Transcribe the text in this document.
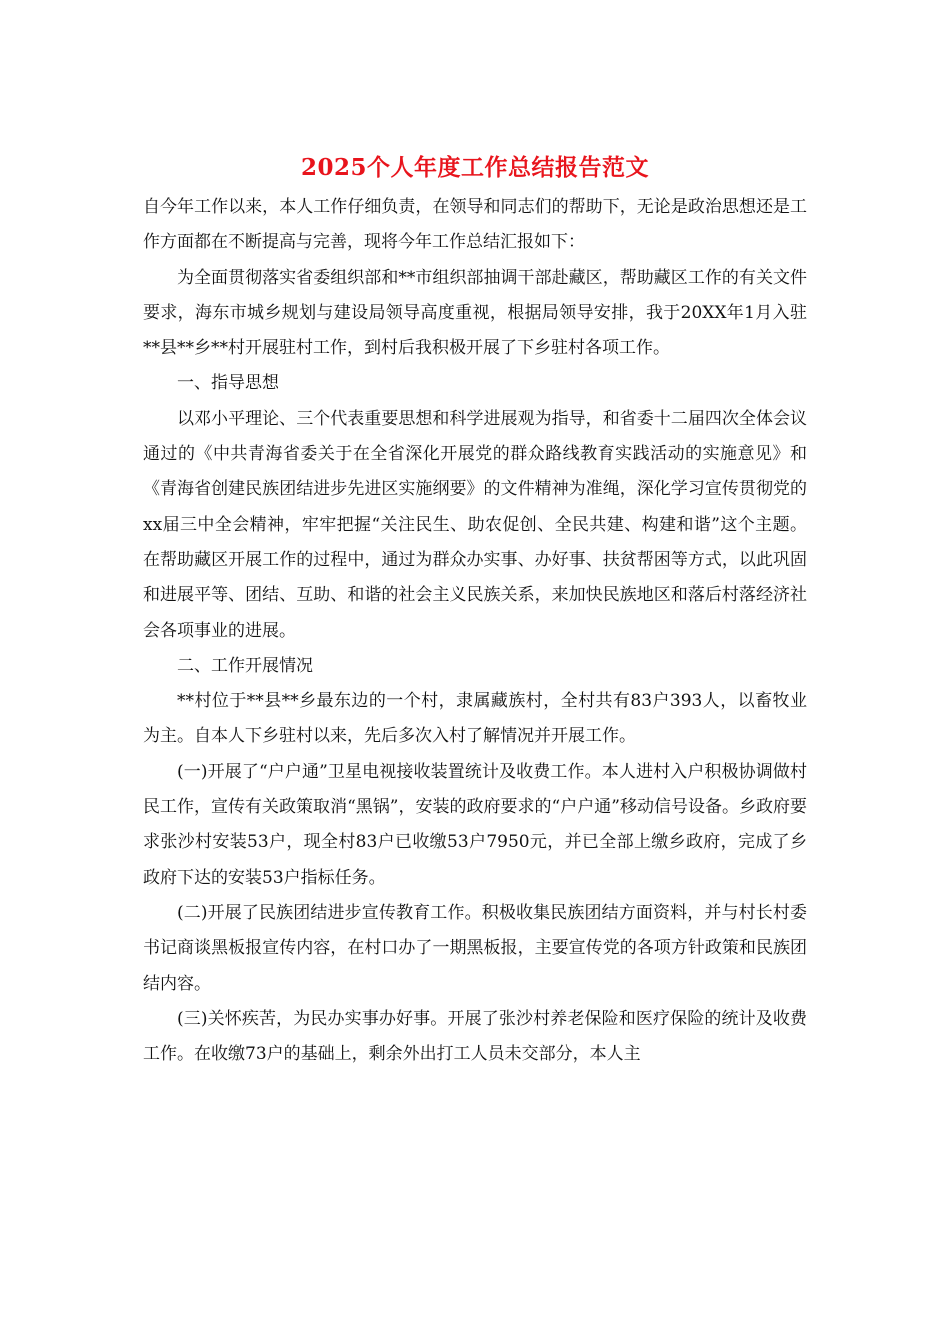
2025个人年度工作总结报告范文

自今年工作以来，本人工作仔细负责，在领导和同志们的帮助下，无论是政治思想还是工作方面都在不断提高与完善，现将今年工作总结汇报如下：

为全面贯彻落实省委组织部和**市组织部抽调干部赴藏区，帮助藏区工作的有关文件要求，海东市城乡规划与建设局领导高度重视，根据局领导安排，我于20XX年1月入驻**县**乡**村开展驻村工作，到村后我积极开展了下乡驻村各项工作。

一、指导思想

以邓小平理论、三个代表重要思想和科学进展观为指导，和省委十二届四次全体会议通过的《中共青海省委关于在全省深化开展党的群众路线教育实践活动的实施意见》和《青海省创建民族团结进步先进区实施纲要》的文件精神为准绳，深化学习宣传贯彻党的xx届三中全会精神，牢牢把握“关注民生、助农促创、全民共建、构建和谐”这个主题。在帮助藏区开展工作的过程中，通过为群众办实事、办好事、扶贫帮困等方式，以此巩固和进展平等、团结、互助、和谐的社会主义民族关系，来加快民族地区和落后村落经济社会各项事业的进展。

二、工作开展情况

**村位于**县**乡最东边的一个村，隶属藏族村，全村共有83户393人，以畜牧业为主。自本人下乡驻村以来，先后多次入村了解情况并开展工作。

(一)开展了“户户通”卫星电视接收装置统计及收费工作。本人进村入户积极协调做村民工作，宣传有关政策取消“黑锅”，安装的政府要求的“户户通”移动信号设备。乡政府要求张沙村安装53户，现全村83户已收缴53户7950元，并已全部上缴乡政府，完成了乡政府下达的安装53户指标任务。

(二)开展了民族团结进步宣传教育工作。积极收集民族团结方面资料，并与村长村委书记商谈黑板报宣传内容，在村口办了一期黑板报，主要宣传党的各项方针政策和民族团结内容。

(三)关怀疾苦，为民办实事办好事。开展了张沙村养老保险和医疗保险的统计及收费工作。在收缴73户的基础上，剩余外出打工人员未交部分，本人主
